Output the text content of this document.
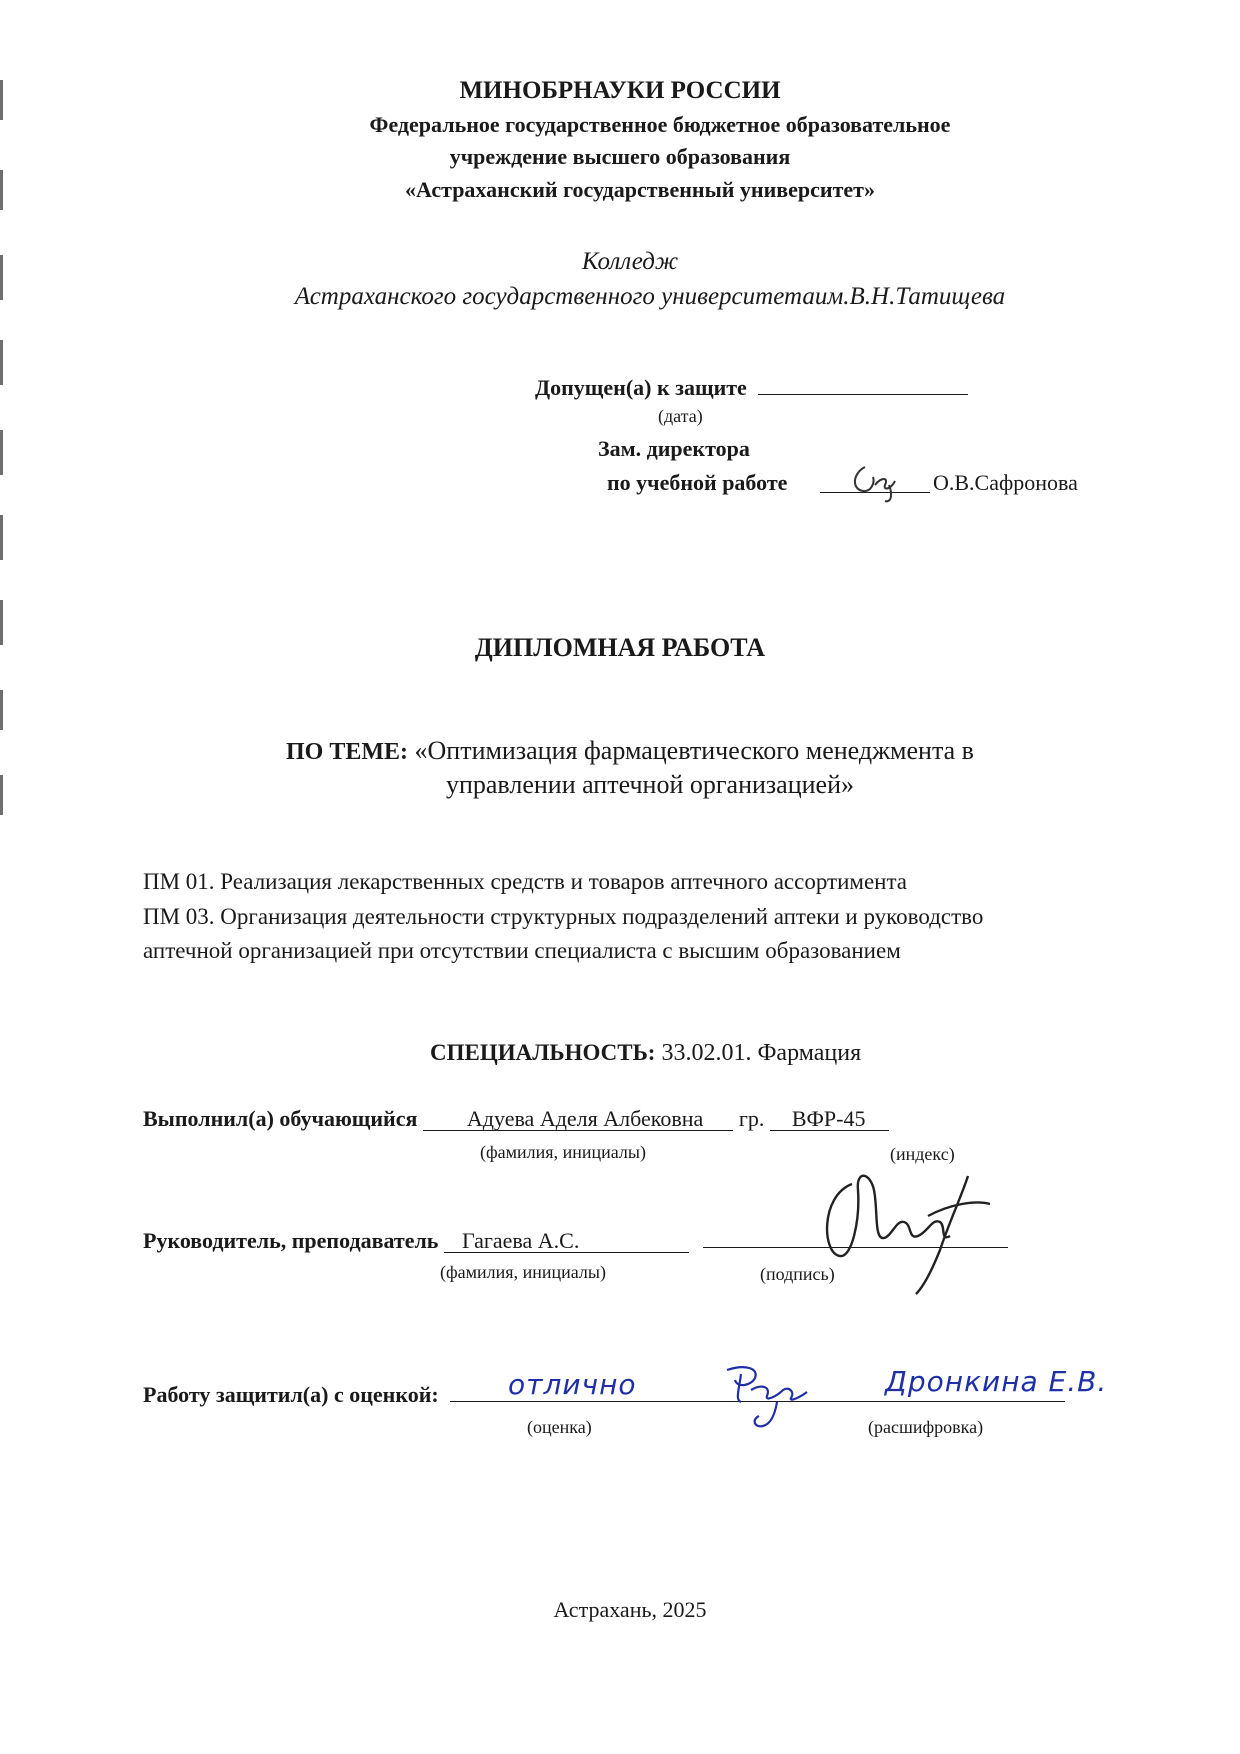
МИНОБРНАУКИ РОССИИ
Федеральное государственное бюджетное образовательное
учреждение высшего образования
«Астраханский государственный университет»
Колледж
Астраханского государственного университетаим.В.Н.Татищева
Допущен(а) к защите
(дата)
Зам. директора
по учебной работе	О.В.Сафронова
ДИПЛОМНАЯ РАБОТА
ПО ТЕМЕ: «Оптимизация фармацевтического менеджмента в
управлении аптечной организацией»
ПМ 01. Реализация лекарственных средств и товаров аптечного ассортимента
ПМ 03. Организация деятельности структурных подразделений аптеки и руководство
аптечной организацией при отсутствии специалиста с высшим образованием
СПЕЦИАЛЬНОСТЬ: 33.02.01. Фармация
Выполнил(а) обучающийся Адуева Аделя Албековна гр. ВФР-45
(фамилия, инициалы)	(индекс)
Руководитель, преподаватель Гагаева А.С.
(фамилия, инициалы)	(подпись)
Работу защитил(а) с оценкой:	отлично	Дронкина Е.В.
(оценка)	(расшифровка)
Астрахань, 2025
